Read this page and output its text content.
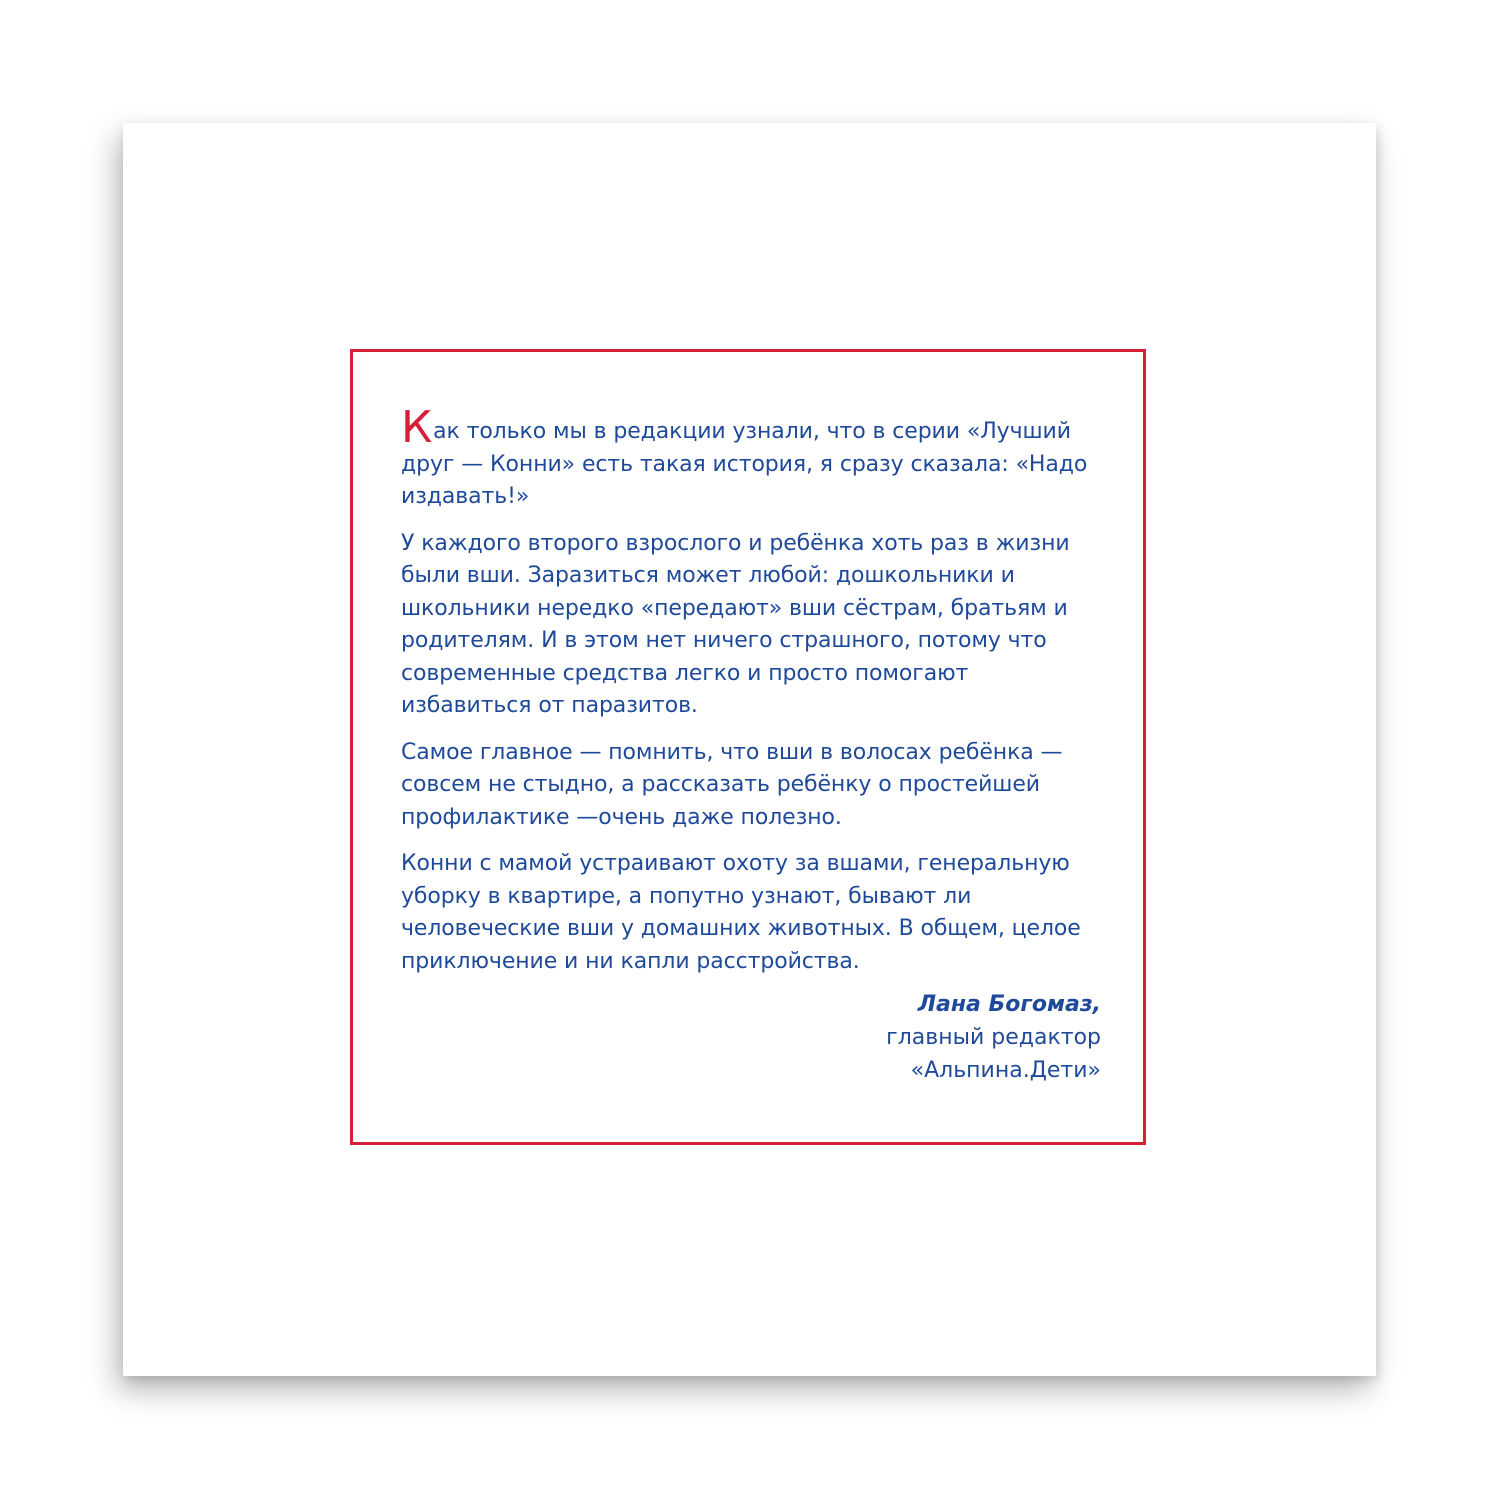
Как только мы в редакции узнали, что в серии «Лучший друг — Конни» есть такая история, я сразу сказала: «Надо издавать!»

У каждого второго взрослого и ребёнка хоть раз в жизни были вши. Заразиться может любой: дошкольники и школьники нередко «передают» вши сёстрам, братьям и родителям. И в этом нет ничего страшного, потому что современные средства легко и просто помогают избавиться от паразитов.

Самое главное — помнить, что вши в волосах ребёнка — совсем не стыдно, а рассказать ребёнку о простейшей профилактике —очень даже полезно.

Конни с мамой устраивают охоту за вшами, генеральную уборку в квартире, а попутно узнают, бывают ли человеческие вши у домашних животных. В общем, целое приключение и ни капли расстройства.

Лана Богомаз,
главный редактор
«Альпина.Дети»
